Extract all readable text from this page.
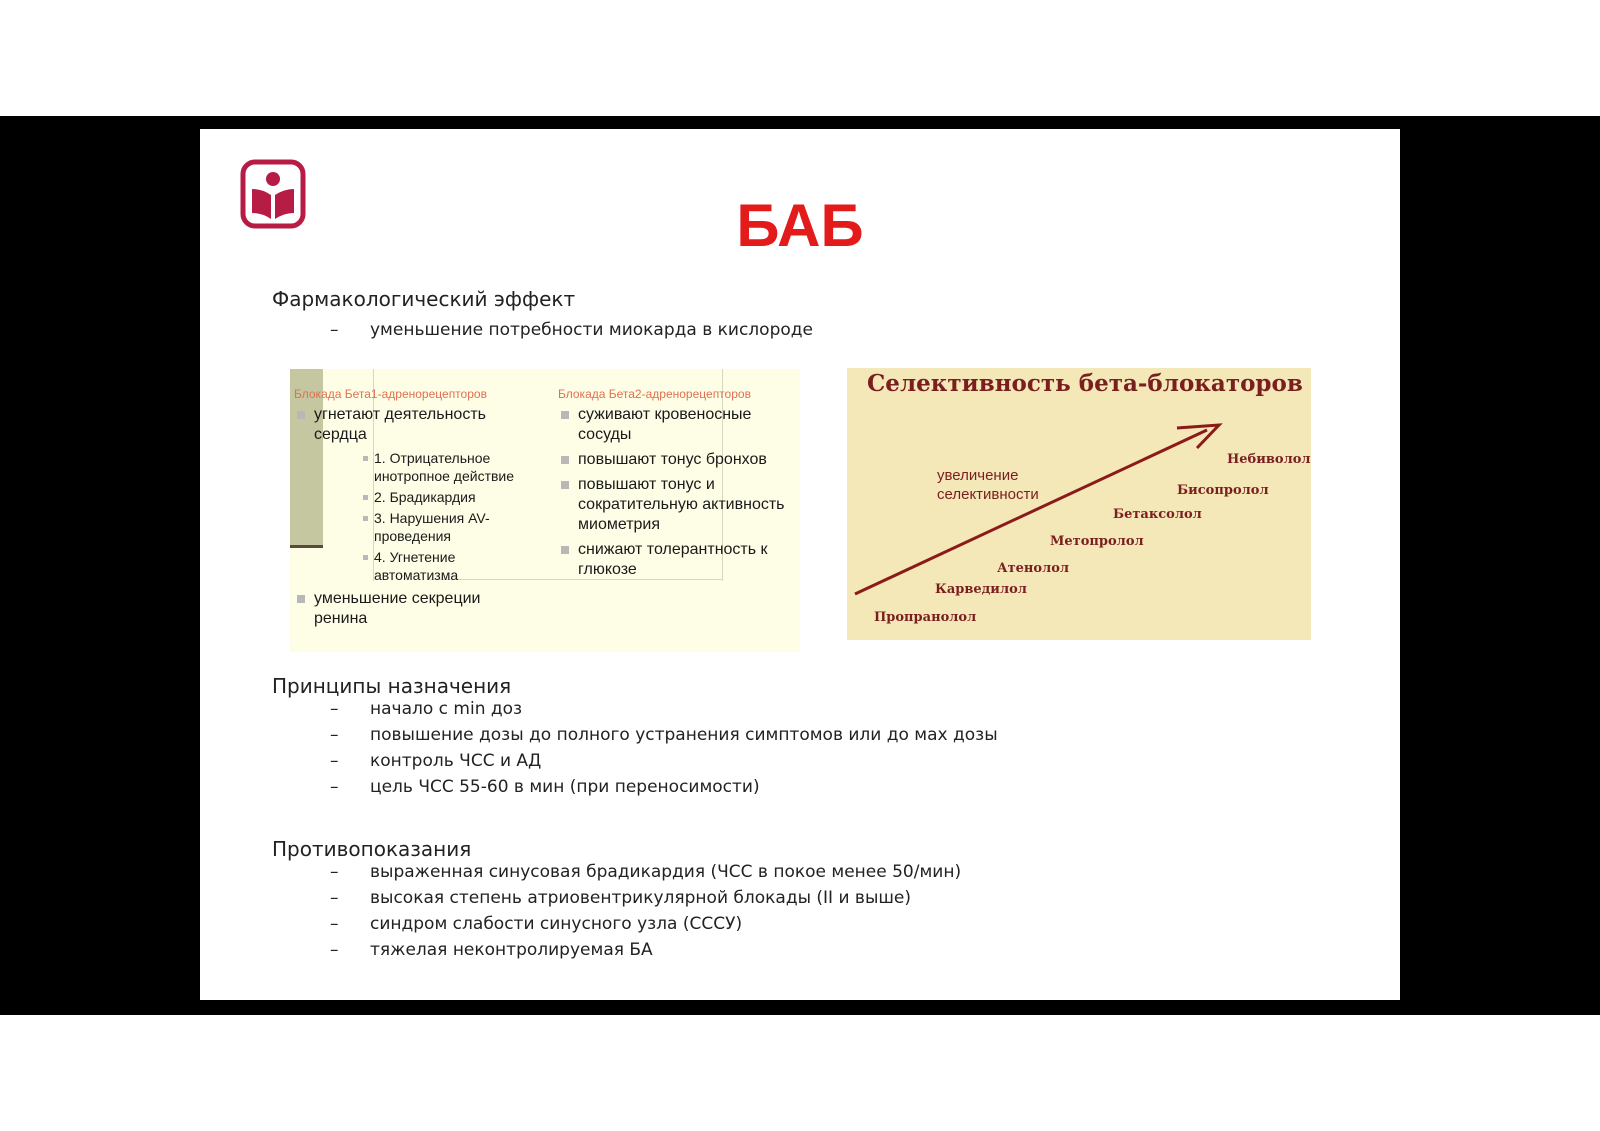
БАБ
Фармакологический эффект
– уменьшение потребности миокарда в кислороде
Блокада Бета1-адренорецепторов
угнетают деятельность сердца
1. Отрицательное инотропное действие
2. Брадикардия
3. Нарушения AV-проведения
4. Угнетение автоматизма
уменьшение секреции ренина
Блокада Бета2-адренорецепторов
суживают кровеносные сосуды
повышают тонус бронхов
повышают тонус и сократительную активность миометрия
снижают толерантность к глюкозе
Селективность бета-блокаторов
увеличение
селективности
Пропранолол
Карведилол
Атенолол
Метопролол
Бетаксолол
Бисопролол
Небиволол
Принципы назначения
– начало с min доз
– повышение дозы до полного устранения симптомов или до мах дозы
– контроль ЧСС и АД
– цель ЧСС 55-60 в мин (при переносимости)
Противопоказания
– выраженная синусовая брадикардия (ЧСС в покое менее 50/мин)
– высокая степень атриовентрикулярной блокады (II и выше)
– синдром слабости синусного узла (СССУ)
– тяжелая неконтролируемая БА
